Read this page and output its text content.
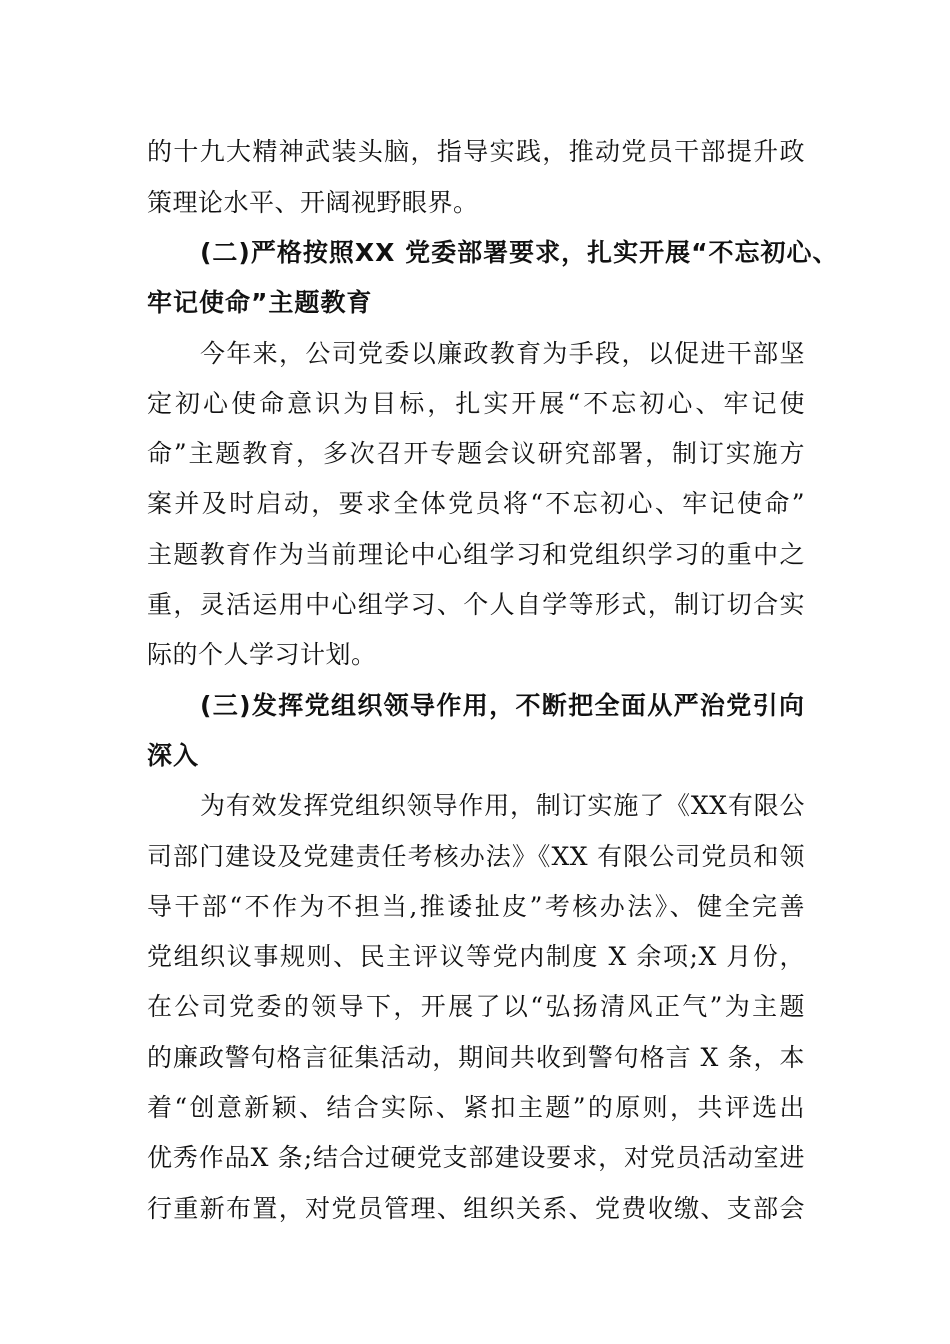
的十九大精神武装头脑，指导实践，推动党员干部提升政
策理论水平、开阔视野眼界。
(二)严格按照XX 党委部署要求，扎实开展“不忘初心、
牢记使命”主题教育
今年来，公司党委以廉政教育为手段，以促进干部坚
定初心使命意识为目标，扎实开展“不忘初心、牢记使
命”主题教育，多次召开专题会议研究部署，制订实施方
案并及时启动，要求全体党员将“不忘初心、牢记使命”
主题教育作为当前理论中心组学习和党组织学习的重中之
重，灵活运用中心组学习、个人自学等形式，制订切合实
际的个人学习计划。
(三)发挥党组织领导作用，不断把全面从严治党引向
深入
为有效发挥党组织领导作用，制订实施了《XX有限公
司部门建设及党建责任考核办法》《XX 有限公司党员和领
导干部“不作为不担当,推诿扯皮”考核办法》、健全完善
党组织议事规则、民主评议等党内制度 X 余项;X 月份，
在公司党委的领导下，开展了以“弘扬清风正气”为主题
的廉政警句格言征集活动，期间共收到警句格言 X 条，本
着“创意新颖、结合实际、紧扣主题”的原则，共评选出
优秀作品X 条;结合过硬党支部建设要求，对党员活动室进
行重新布置，对党员管理、组织关系、党费收缴、支部会
